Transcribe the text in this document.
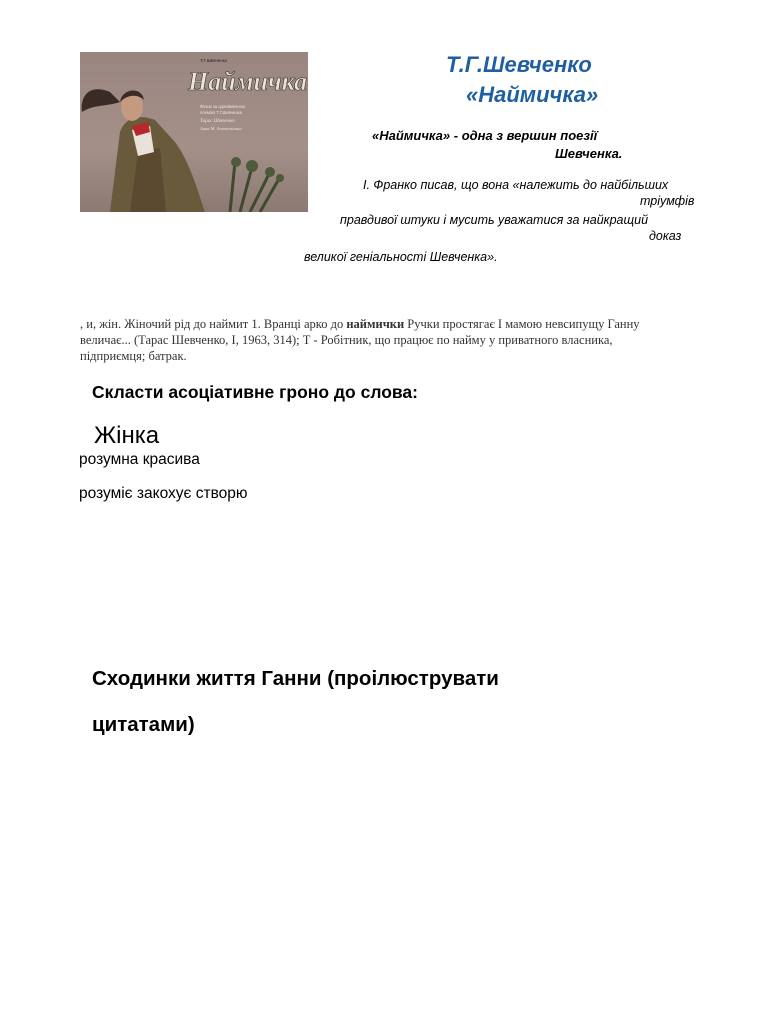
Т.Г.Шевченко
Наймичка
Фільм за однойменною
поемою Т.Г.Шевченка
Тарас Шевченко
Анна М. Анатольєвна
Т.Г.Шевченко
«Наймичка»
«Наймичка» - одна з вершин поезії
Шевченка.
І. Франко писав, що вона «належить до найбільших
тріумфів
правдивої штуки і мусить уважатися за найкращий
доказ
великої геніальності Шевченка».
, и, жін. Жіночий рід до наймит 1. Вранці арко до наймички Ручки простягає І мамою невсипущу Ганну величає... (Тарас Шевченко, І, 1963, 314); Т - Робітник, що працює по найму у приватного власника, підприємця; батрак.
Скласти асоціативне гроно до слова:
Жінка
розумна красива
розуміє закохує створю
Сходинки життя Ганни (проілюструвати
цитатами)
